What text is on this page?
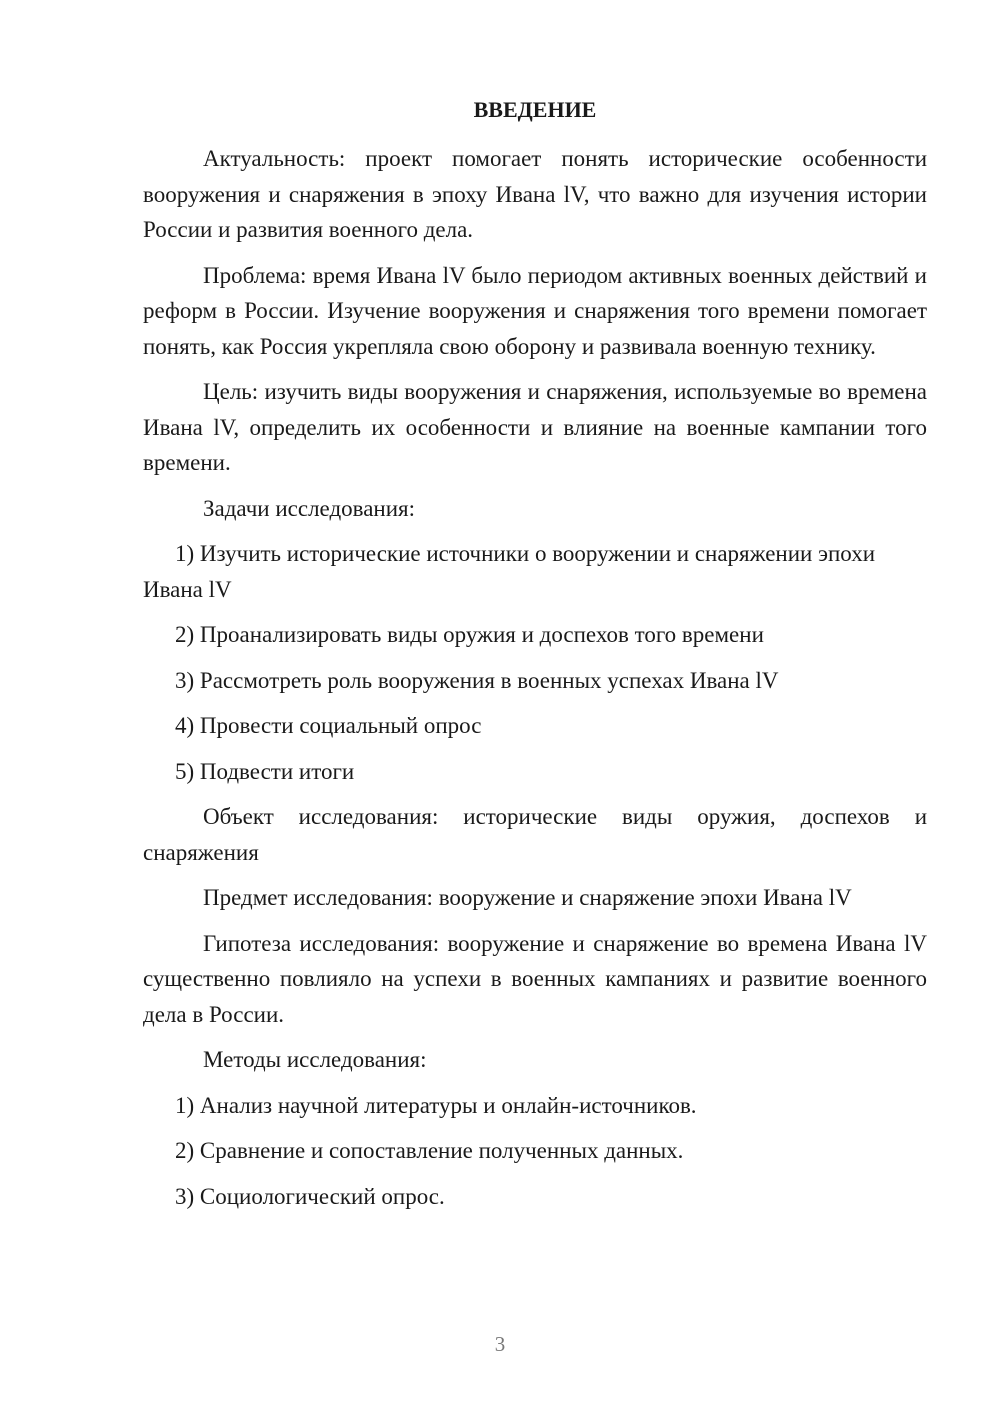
ВВЕДЕНИЕ
Актуальность: проект помогает понять исторические особенности вооружения и снаряжения в эпоху Ивана lV, что важно для изучения истории России и развития военного дела.
Проблема: время Ивана lV было периодом активных военных действий и реформ в России. Изучение вооружения и снаряжения того времени помогает понять, как Россия укрепляла свою оборону и развивала военную технику.
Цель: изучить виды вооружения и снаряжения, используемые во времена Ивана lV, определить их особенности и влияние на военные кампании того времени.
Задачи исследования:
1) Изучить исторические источники о вооружении и снаряжении эпохи Ивана lV
2) Проанализировать виды оружия и доспехов того времени
3) Рассмотреть роль вооружения в военных успехах Ивана lV
4) Провести социальный опрос
5) Подвести итоги
Объект исследования: исторические виды оружия, доспехов и снаряжения
Предмет исследования: вооружение и снаряжение эпохи Ивана lV
Гипотеза исследования: вооружение и снаряжение во времена Ивана lV существенно повлияло на успехи в военных кампаниях и развитие военного дела в России.
Методы исследования:
1) Анализ научной литературы и онлайн-источников.
2) Сравнение и сопоставление полученных данных.
3) Социологический опрос.
3
